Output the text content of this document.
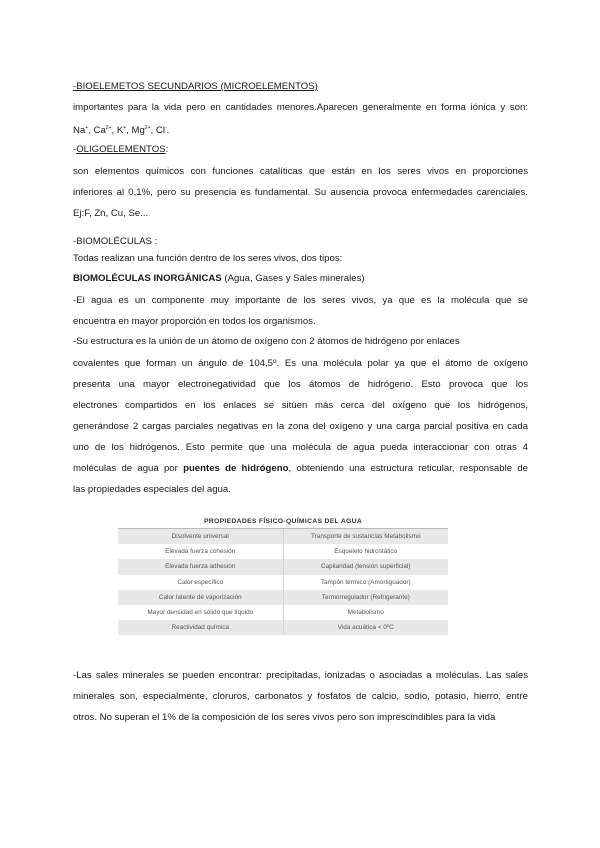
-BIOELEMETOS SECUNDARIOS (MICROELEMENTOS)
importantes para la vida pero en cantidades menores.Aparecen generalmente en forma iónica y son:
Na+, $Ca^{2+}$, K+, $Mg^{2+}$, Cl-.
-OLIGOELEMENTOS:
son elementos químicos con funciones catalíticas que están en los seres vivos en proporciones
inferiores al 0,1%, pero su presencia es fundamental. Su ausencia provoca enfermedades carenciales.
Ej:F, Zn, Cu, Se...
-BIOMOLÉCULAS :
Todas realizan una función dentro de los seres vivos, dos tipos:
BIOMOLÉCULAS INORGÁNICAS (Agua, Gases y Sales minerales)
-El agua es un componente muy importante de los seres vivos, ya que es la molécula que se
encuentra en mayor proporción en todos los organismos.
-Su estructura es la unión de un átomo de oxígeno con 2 átomos de hidrógeno por enlaces
covalentes que forman un ángulo de 104,5º. Es una molécula polar ya que el átomo de oxígeno
presenta una mayor electronegatividad que los átomos de hidrógeno. Esto provoca que los
electrones compartidos en los enlaces se sitúen más cerca del oxígeno que los hidrógenos,
generándose 2 cargas parciales negativas en la zona del oxígeno y una carga parcial positiva en cada
uno de los hidrógenos. Esto permite que una molécula de agua pueda interaccionar con otras 4
moléculas de agua por puentes de hidrógeno, obteniendo una estructura reticular, responsable de
las propiedades especiales del agua.
PROPIEDADES FÍSICO-QUÍMICAS DEL AGUA	
Disolvente universal	Transporte de sustancias Metabolismo
Elevada fuerza cohesión	Esqueleto hidrostático
Elevada fuerza adhesión	Capilaridad (tensión superficial)
Calor específico	Tampón térmico (Amortiguador)
Calor latente de vaporización	Termorregulador (Refrigerante)
Mayor densidad en sólido que líquido	Metabolismo
Reactividad química	Vida acuática < 0ºC
-Las sales minerales se pueden encontrar: precipitadas, ionizadas o asociadas a moléculas. Las sales
minerales son, especialmente, cloruros, carbonatos y fosfatos de calcio, sodio, potasio, hierro, entre
otros. No superan el 1% de la composición de los seres vivos pero son imprescindibles para la vida
